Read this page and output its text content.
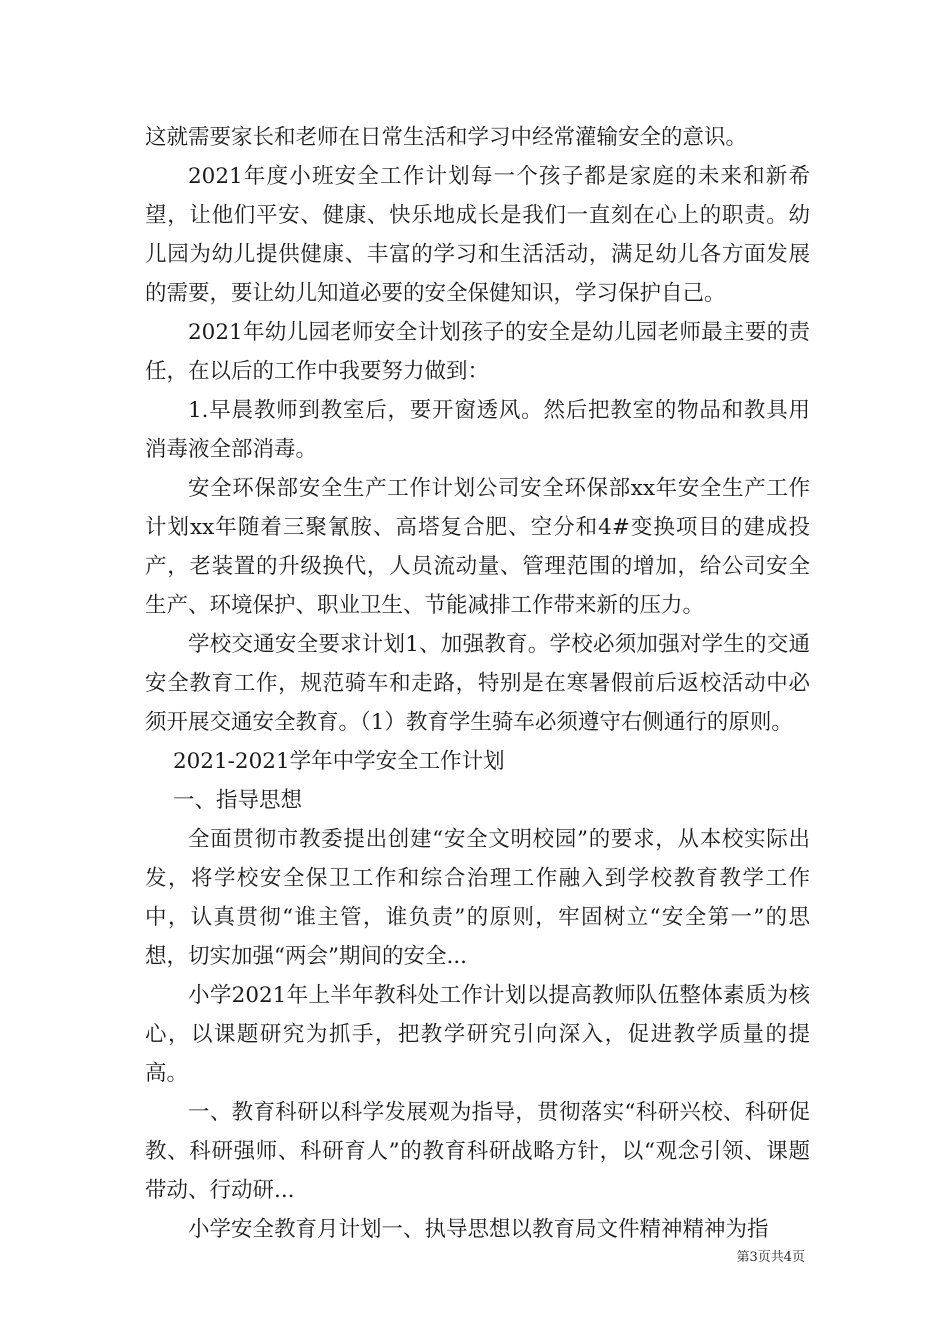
这就需要家长和老师在日常生活和学习中经常灌输安全的意识。

2021年度小班安全工作计划每一个孩子都是家庭的未来和新希望，让他们平安、健康、快乐地成长是我们一直刻在心上的职责。幼儿园为幼儿提供健康、丰富的学习和生活活动，满足幼儿各方面发展的需要，要让幼儿知道必要的安全保健知识，学习保护自己。

2021年幼儿园老师安全计划孩子的安全是幼儿园老师最主要的责任，在以后的工作中我要努力做到：

1.早晨教师到教室后，要开窗透风。然后把教室的物品和教具用消毒液全部消毒。

安全环保部安全生产工作计划公司安全环保部xx年安全生产工作计划xx年随着三聚氰胺、高塔复合肥、空分和4#变换项目的建成投产，老装置的升级换代，人员流动量、管理范围的增加，给公司安全生产、环境保护、职业卫生、节能减排工作带来新的压力。

学校交通安全要求计划1、加强教育。学校必须加强对学生的交通安全教育工作，规范骑车和走路，特别是在寒暑假前后返校活动中必须开展交通安全教育。（1）教育学生骑车必须遵守右侧通行的原则。

2021-2021学年中学安全工作计划

一、指导思想

全面贯彻市教委提出创建“安全文明校园”的要求，从本校实际出发，将学校安全保卫工作和综合治理工作融入到学校教育教学工作中，认真贯彻“谁主管，谁负责”的原则，牢固树立“安全第一”的思想，切实加强“两会”期间的安全...

小学2021年上半年教科处工作计划以提高教师队伍整体素质为核心，以课题研究为抓手，把教学研究引向深入，促进教学质量的提高。

一、教育科研以科学发展观为指导，贯彻落实“科研兴校、科研促教、科研强师、科研育人”的教育科研战略方针，以“观念引领、课题带动、行动研...

小学安全教育月计划一、执导思想以教育局文件精神精神为指

第3页共4页
